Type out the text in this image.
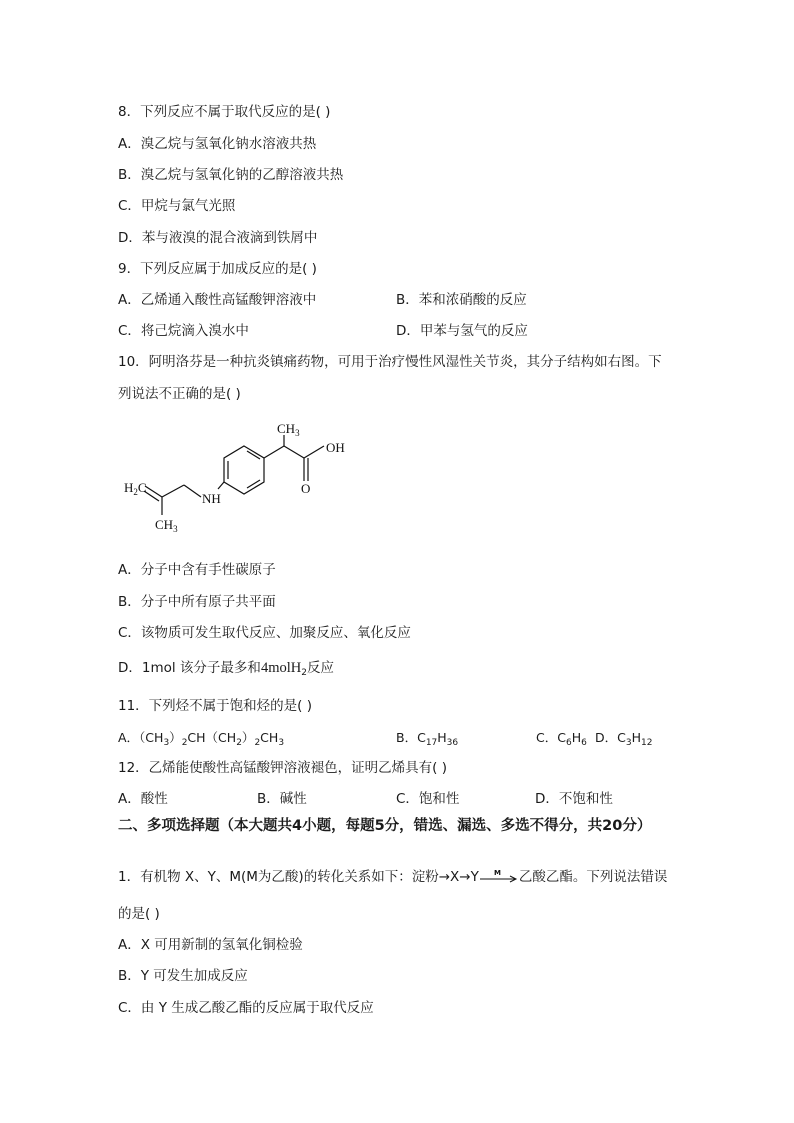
8．下列反应不属于取代反应的是( )
A．溴乙烷与氢氧化钠水溶液共热
B．溴乙烷与氢氧化钠的乙醇溶液共热
C．甲烷与氯气光照
D．苯与液溴的混合液滴到铁屑中
9．下列反应属于加成反应的是( )
A．乙烯通入酸性高锰酸钾溶液中	B．苯和浓硝酸的反应
C．将己烷滴入溴水中	D．甲苯与氢气的反应
10．阿明洛芬是一种抗炎镇痛药物，可用于治疗慢性风湿性关节炎，其分子结构如右图。下
列说法不正确的是( )
$CH_3$
OH
O
NH
$H_2C$
$CH_3$
A．分子中含有手性碳原子
B．分子中所有原子共平面
C．该物质可发生取代反应、加聚反应、氧化反应
D．1mol 该分子最多和4molH$_2$反应
11．下列烃不属于饱和烃的是( )
A．$(CH_3)_2CH(CH_2)_2CH_3$	B．$C_{17}H_{36}$	C．$C_6H_6$ D．$C_3H_{12}$
12．乙烯能使酸性高锰酸钾溶液褪色，证明乙烯具有( )
A．酸性	B．碱性	C．饱和性	D．不饱和性
二、多项选择题（本大题共4小题，每题5分，错选、漏选、多选不得分，共20分）
1．有机物 X、Y、M(M为乙酸)的转化关系如下：淀粉→X→Y M 乙酸乙酯。下列说法错误
的是( )
A．X 可用新制的氢氧化铜检验
B．Y 可发生加成反应
C．由 Y 生成乙酸乙酯的反应属于取代反应
